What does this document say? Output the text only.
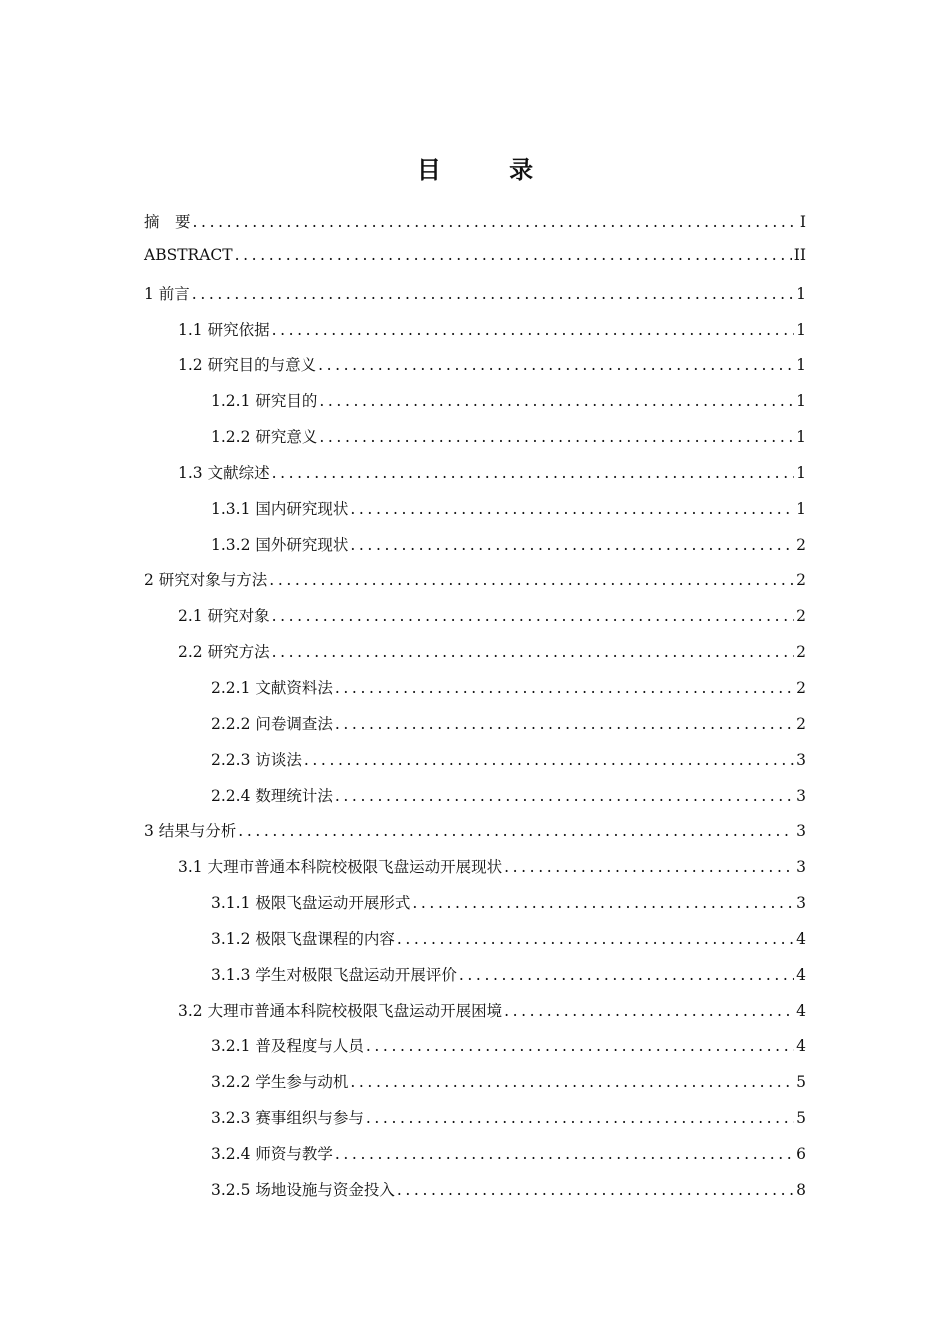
目 录
摘　要 .....	I
ABSTRACT .....	II
1 前言 .....	1
1.1 研究依据 .....	1
1.2 研究目的与意义 .....	1
1.2.1 研究目的 .....	1
1.2.2 研究意义 .....	1
1.3 文献综述 .....	1
1.3.1 国内研究现状 .....	1
1.3.2 国外研究现状 .....	2
2 研究对象与方法 .....	2
2.1 研究对象 .....	2
2.2 研究方法 .....	2
2.2.1 文献资料法 .....	2
2.2.2 问卷调查法 .....	2
2.2.3 访谈法 .....	3
2.2.4 数理统计法 .....	3
3 结果与分析 .....	3
3.1 大理市普通本科院校极限飞盘运动开展现状 .....	3
3.1.1 极限飞盘运动开展形式 .....	3
3.1.2 极限飞盘课程的内容 .....	4
3.1.3 学生对极限飞盘运动开展评价 .....	4
3.2 大理市普通本科院校极限飞盘运动开展困境 .....	4
3.2.1 普及程度与人员 .....	4
3.2.2 学生参与动机 .....	5
3.2.3 赛事组织与参与 .....	5
3.2.4 师资与教学 .....	6
3.2.5 场地设施与资金投入 .....	8
